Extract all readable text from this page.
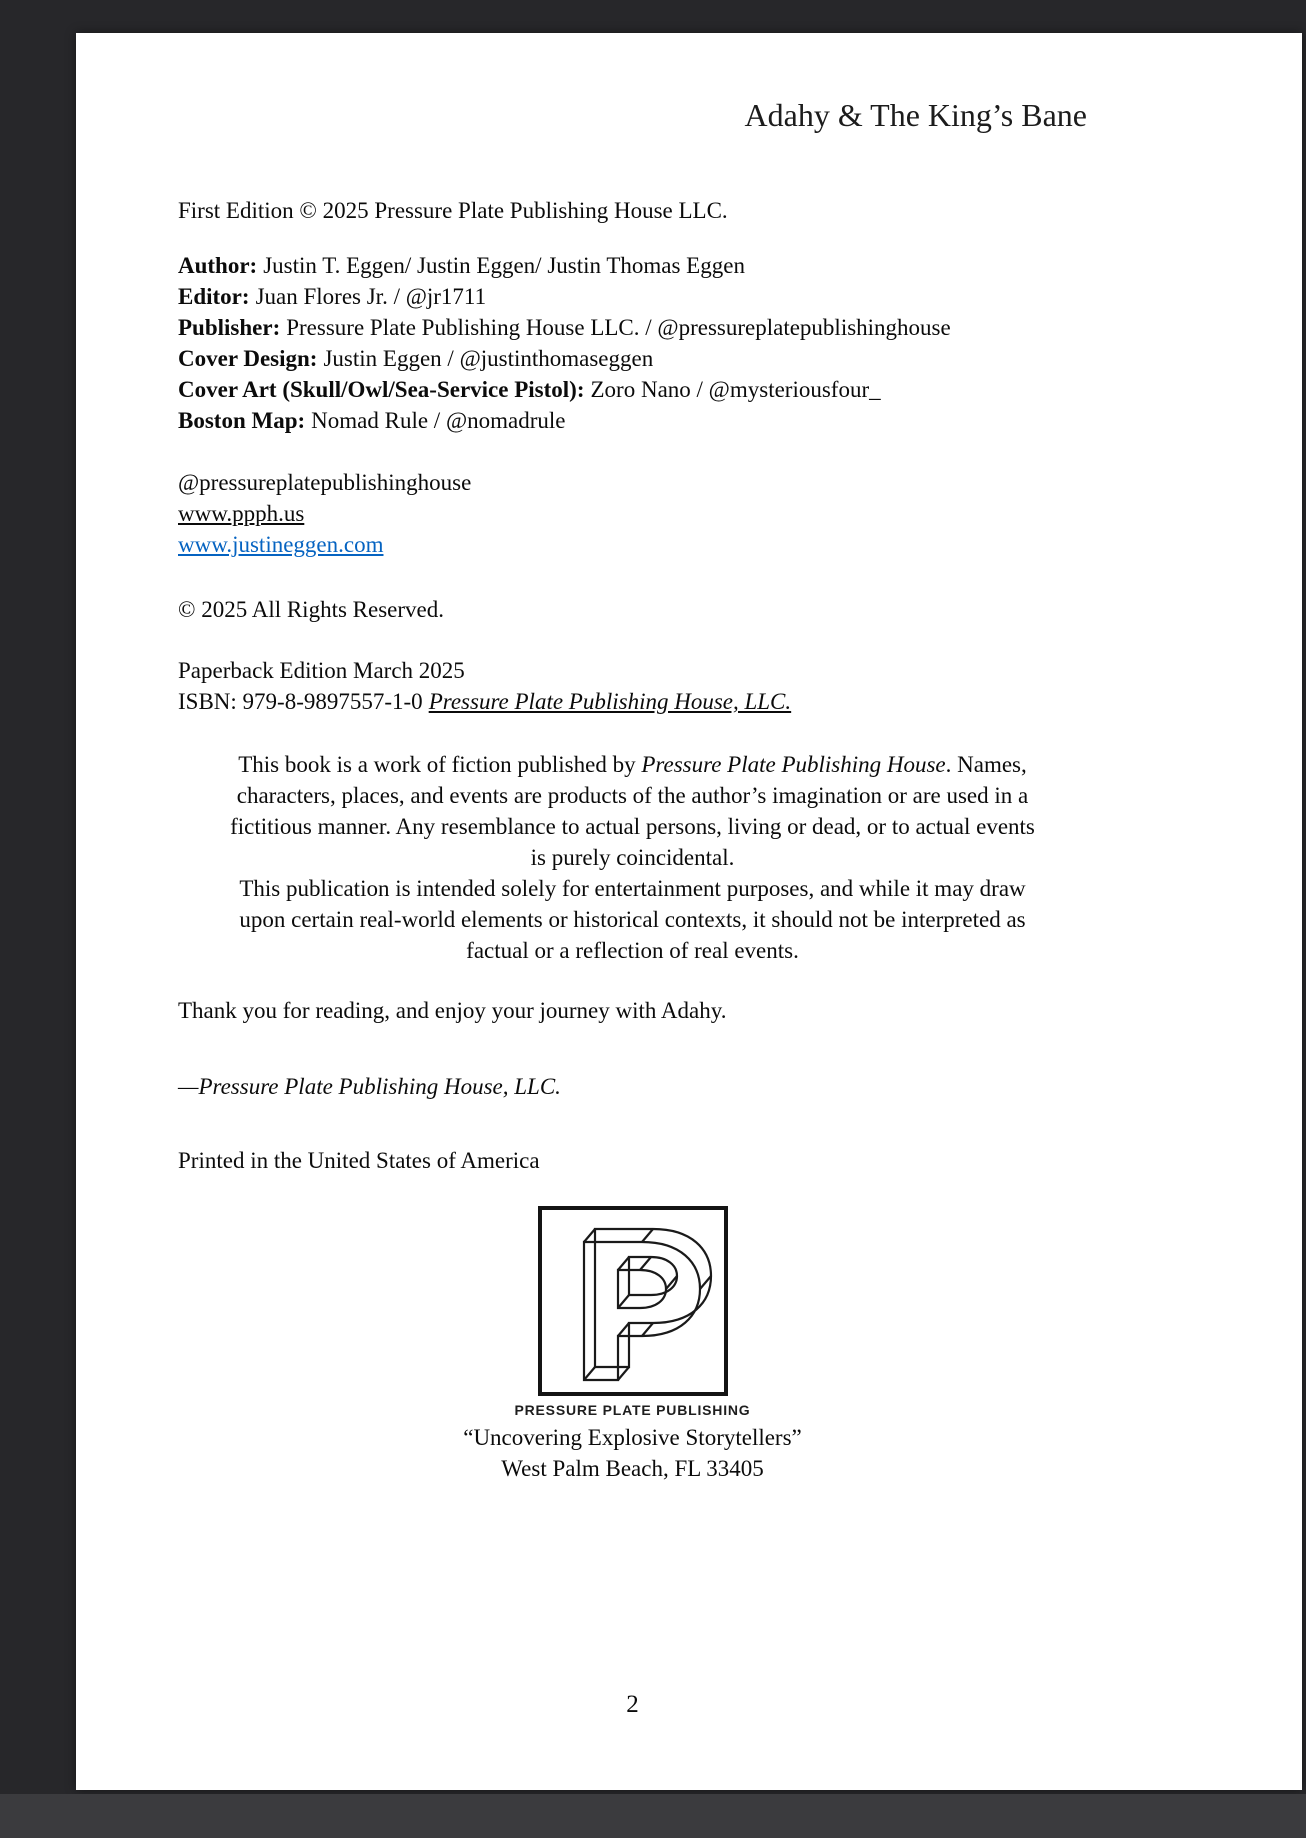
Adahy & The King’s Bane
First Edition © 2025 Pressure Plate Publishing House LLC.
Author: Justin T. Eggen/ Justin Eggen/ Justin Thomas Eggen
Editor: Juan Flores Jr. / @jr1711
Publisher: Pressure Plate Publishing House LLC. / @pressureplatepublishinghouse
Cover Design: Justin Eggen / @justinthomaseggen
Cover Art (Skull/Owl/Sea-Service Pistol): Zoro Nano / @mysteriousfour_
Boston Map: Nomad Rule / @nomadrule
@pressureplatepublishinghouse
www.ppph.us
www.justineggen.com
© 2025 All Rights Reserved.
Paperback Edition March 2025
ISBN: 979-8-9897557-1-0 Pressure Plate Publishing House, LLC.
This book is a work of fiction published by Pressure Plate Publishing House. Names,
characters, places, and events are products of the author’s imagination or are used in a
fictitious manner. Any resemblance to actual persons, living or dead, or to actual events
is purely coincidental.
This publication is intended solely for entertainment purposes, and while it may draw
upon certain real-world elements or historical contexts, it should not be interpreted as
factual or a reflection of real events.
Thank you for reading, and enjoy your journey with Adahy.
—Pressure Plate Publishing House, LLC.
Printed in the United States of America
PRESSURE PLATE PUBLISHING
“Uncovering Explosive Storytellers”
West Palm Beach, FL 33405
2
